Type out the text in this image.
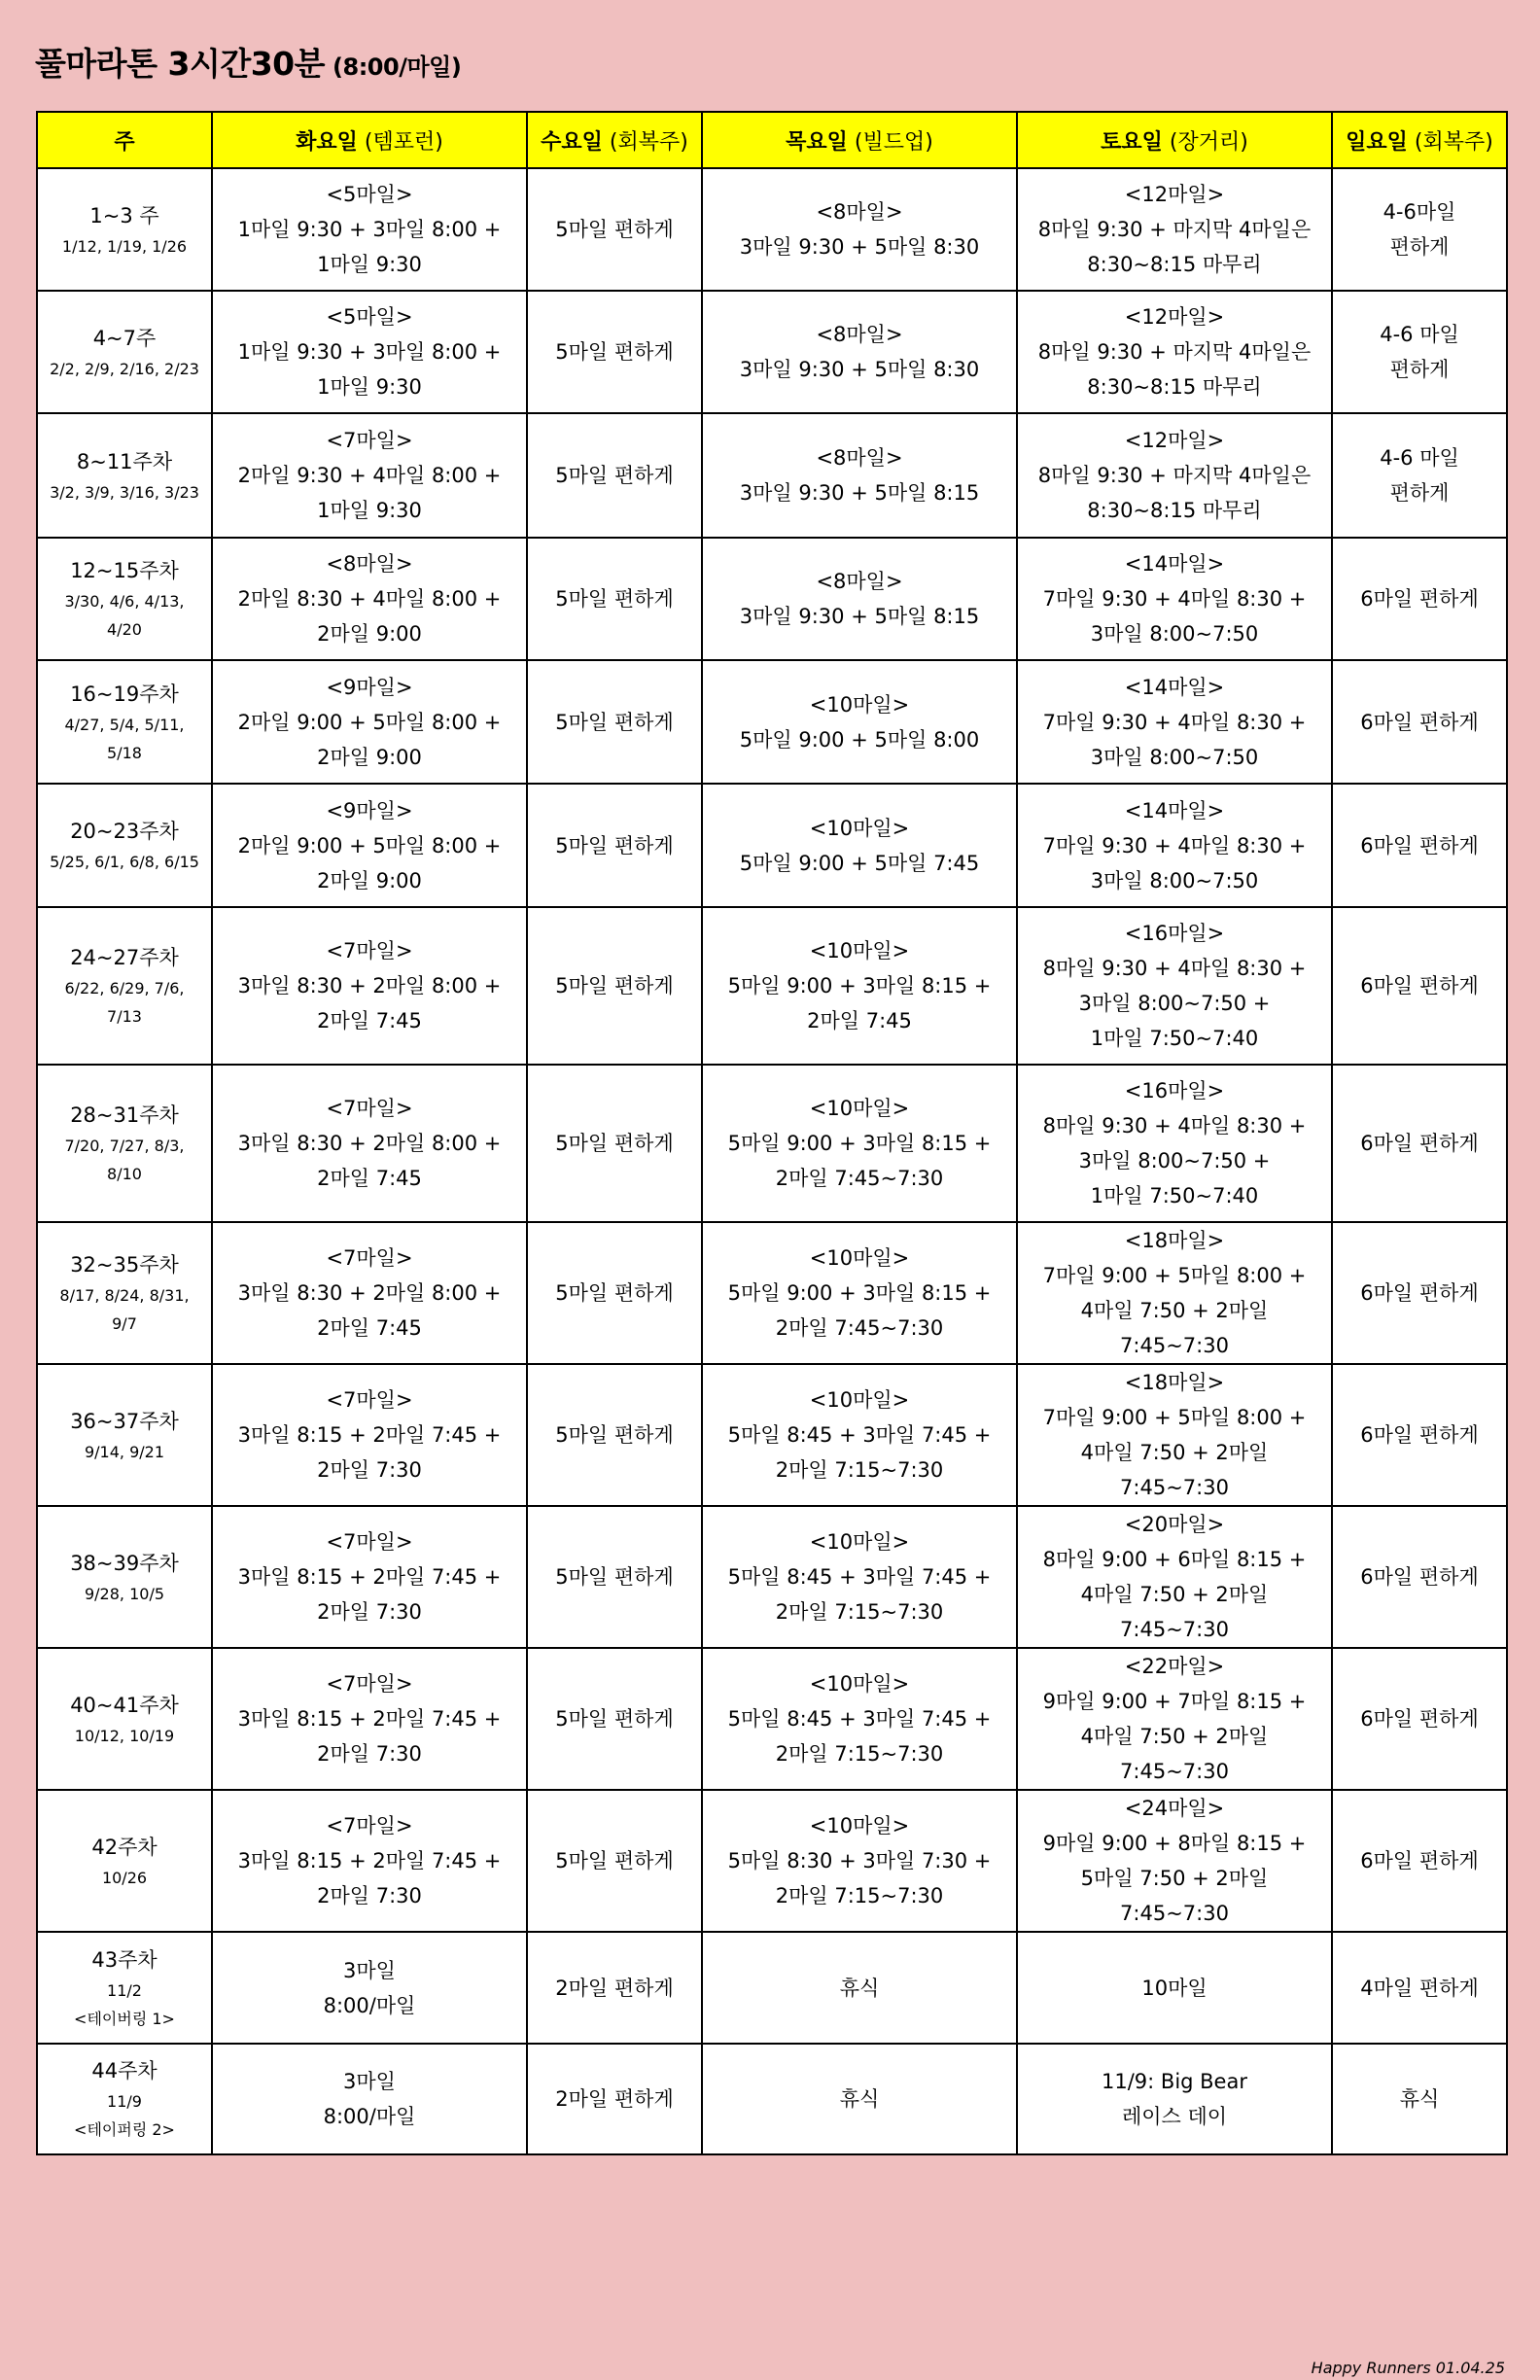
풀마라톤 3시간30분 (8:00/마일)
주	화요일 (템포런)	수요일 (회복주)	목요일 (빌드업)	토요일 (장거리)	일요일 (회복주)

1~3 주
1/12, 1/19, 1/26	<5마일>
1마일 9:30 + 3마일 8:00 +
1마일 9:30	5마일 편하게	<8마일>
3마일 9:30 + 5마일 8:30	<12마일>
8마일 9:30 + 마지막 4마일은
8:30~8:15 마무리	4-6마일
편하게

4~7주
2/2, 2/9, 2/16, 2/23	<5마일>
1마일 9:30 + 3마일 8:00 +
1마일 9:30	5마일 편하게	<8마일>
3마일 9:30 + 5마일 8:30	<12마일>
8마일 9:30 + 마지막 4마일은
8:30~8:15 마무리	4-6 마일
편하게

8~11주차
3/2, 3/9, 3/16, 3/23	<7마일>
2마일 9:30 + 4마일 8:00 +
1마일 9:30	5마일 편하게	<8마일>
3마일 9:30 + 5마일 8:15	<12마일>
8마일 9:30 + 마지막 4마일은
8:30~8:15 마무리	4-6 마일
편하게

12~15주차
3/30, 4/6, 4/13,
4/20	<8마일>
2마일 8:30 + 4마일 8:00 +
2마일 9:00	5마일 편하게	<8마일>
3마일 9:30 + 5마일 8:15	<14마일>
7마일 9:30 + 4마일 8:30 +
3마일 8:00~7:50	6마일 편하게

16~19주차
4/27, 5/4, 5/11,
5/18	<9마일>
2마일 9:00 + 5마일 8:00 +
2마일 9:00	5마일 편하게	<10마일>
5마일 9:00 + 5마일 8:00	<14마일>
7마일 9:30 + 4마일 8:30 +
3마일 8:00~7:50	6마일 편하게

20~23주차
5/25, 6/1, 6/8, 6/15	<9마일>
2마일 9:00 + 5마일 8:00 +
2마일 9:00	5마일 편하게	<10마일>
5마일 9:00 + 5마일 7:45	<14마일>
7마일 9:30 + 4마일 8:30 +
3마일 8:00~7:50	6마일 편하게

24~27주차
6/22, 6/29, 7/6, 7/13	<7마일>
3마일 8:30 + 2마일 8:00 +
2마일 7:45	5마일 편하게	<10마일>
5마일 9:00 + 3마일 8:15 +
2마일 7:45	<16마일>
8마일 9:30 + 4마일 8:30 +
3마일 8:00~7:50 +
1마일 7:50~7:40	6마일 편하게

28~31주차
7/20, 7/27, 8/3,
8/10	<7마일>
3마일 8:30 + 2마일 8:00 +
2마일 7:45	5마일 편하게	<10마일>
5마일 9:00 + 3마일 8:15 +
2마일 7:45~7:30	<16마일>
8마일 9:30 + 4마일 8:30 +
3마일 8:00~7:50 +
1마일 7:50~7:40	6마일 편하게

32~35주차
8/17, 8/24, 8/31,
9/7	<7마일>
3마일 8:30 + 2마일 8:00 +
2마일 7:45	5마일 편하게	<10마일>
5마일 9:00 + 3마일 8:15 +
2마일 7:45~7:30	<18마일>
7마일 9:00 + 5마일 8:00 +
4마일 7:50 + 2마일 7:45~7:30	6마일 편하게

36~37주차
9/14, 9/21	<7마일>
3마일 8:15 + 2마일 7:45 +
2마일 7:30	5마일 편하게	<10마일>
5마일 8:45 + 3마일 7:45 +
2마일 7:15~7:30	<18마일>
7마일 9:00 + 5마일 8:00 +
4마일 7:50 + 2마일 7:45~7:30	6마일 편하게

38~39주차
9/28, 10/5	<7마일>
3마일 8:15 + 2마일 7:45 +
2마일 7:30	5마일 편하게	<10마일>
5마일 8:45 + 3마일 7:45 +
2마일 7:15~7:30	<20마일>
8마일 9:00 + 6마일 8:15 +
4마일 7:50 + 2마일 7:45~7:30	6마일 편하게

40~41주차
10/12, 10/19	<7마일>
3마일 8:15 + 2마일 7:45 +
2마일 7:30	5마일 편하게	<10마일>
5마일 8:45 + 3마일 7:45 +
2마일 7:15~7:30	<22마일>
9마일 9:00 + 7마일 8:15 +
4마일 7:50 + 2마일 7:45~7:30	6마일 편하게

42주차
10/26	<7마일>
3마일 8:15 + 2마일 7:45 +
2마일 7:30	5마일 편하게	<10마일>
5마일 8:30 + 3마일 7:30 +
2마일 7:15~7:30	<24마일>
9마일 9:00 + 8마일 8:15 +
5마일 7:50 + 2마일 7:45~7:30	6마일 편하게

43주차
11/2
<테이버링 1>	3마일
8:00/마일	2마일 편하게	휴식	10마일	4마일 편하게

44주차
11/9
<테이퍼링 2>	3마일
8:00/마일	2마일 편하게	휴식	11/9: Big Bear
레이스 데이	휴식
Happy Runners 01.04.25
